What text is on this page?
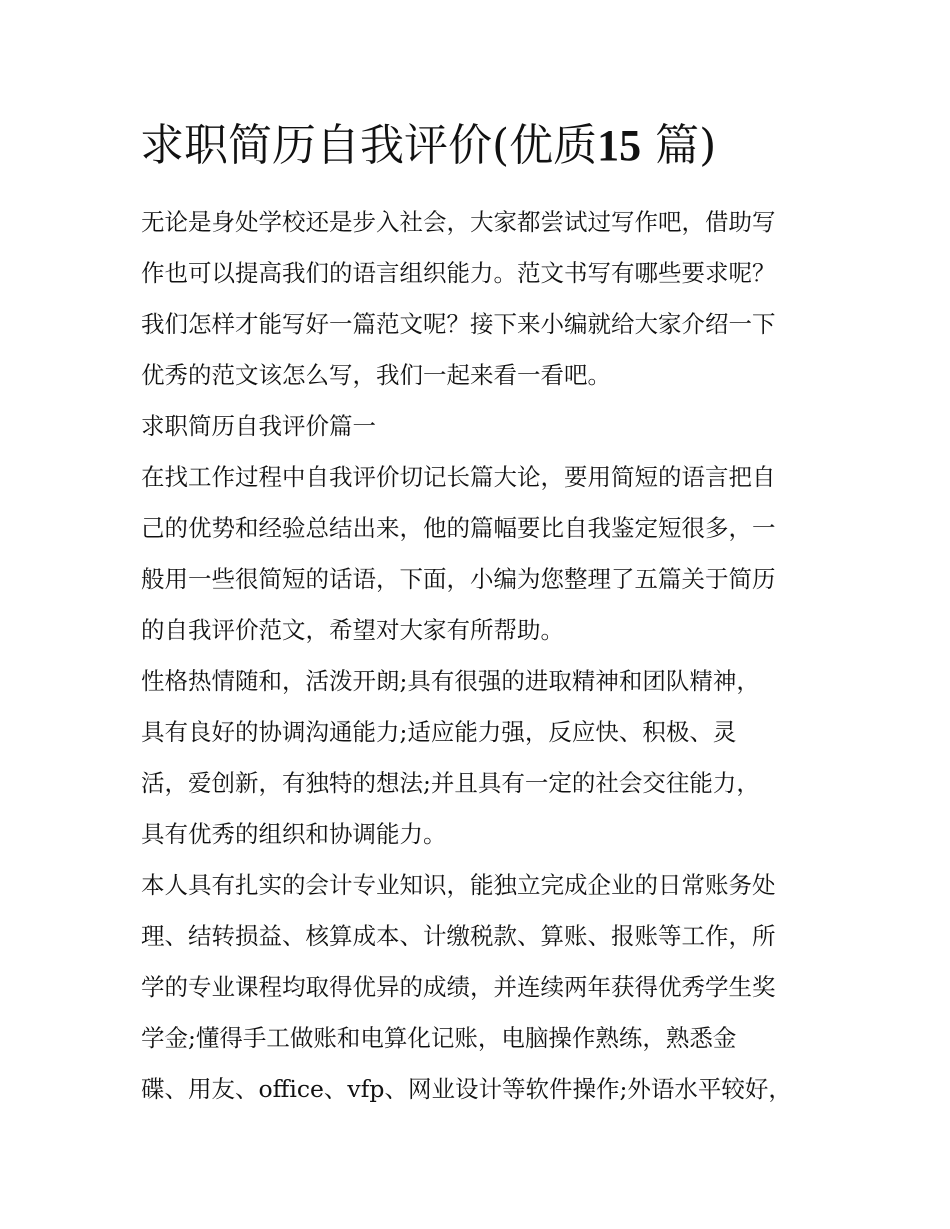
求职简历自我评价(优质15 篇)

无论是身处学校还是步入社会，大家都尝试过写作吧，借助写

作也可以提高我们的语言组织能力。范文书写有哪些要求呢？

我们怎样才能写好一篇范文呢？接下来小编就给大家介绍一下

优秀的范文该怎么写，我们一起来看一看吧。

求职简历自我评价篇一

在找工作过程中自我评价切记长篇大论，要用简短的语言把自

己的优势和经验总结出来，他的篇幅要比自我鉴定短很多，一

般用一些很简短的话语，下面，小编为您整理了五篇关于简历

的自我评价范文，希望对大家有所帮助。

性格热情随和，活泼开朗;具有很强的进取精神和团队精神，

具有良好的协调沟通能力;适应能力强，反应快、积极、灵

活，爱创新，有独特的想法;并且具有一定的社会交往能力，

具有优秀的组织和协调能力。

本人具有扎实的会计专业知识，能独立完成企业的日常账务处

理、结转损益、核算成本、计缴税款、算账、报账等工作，所

学的专业课程均取得优异的成绩，并连续两年获得优秀学生奖

学金;懂得手工做账和电算化记账，电脑操作熟练，熟悉金

碟、用友、office、vfp、网业设计等软件操作;外语水平较好，
